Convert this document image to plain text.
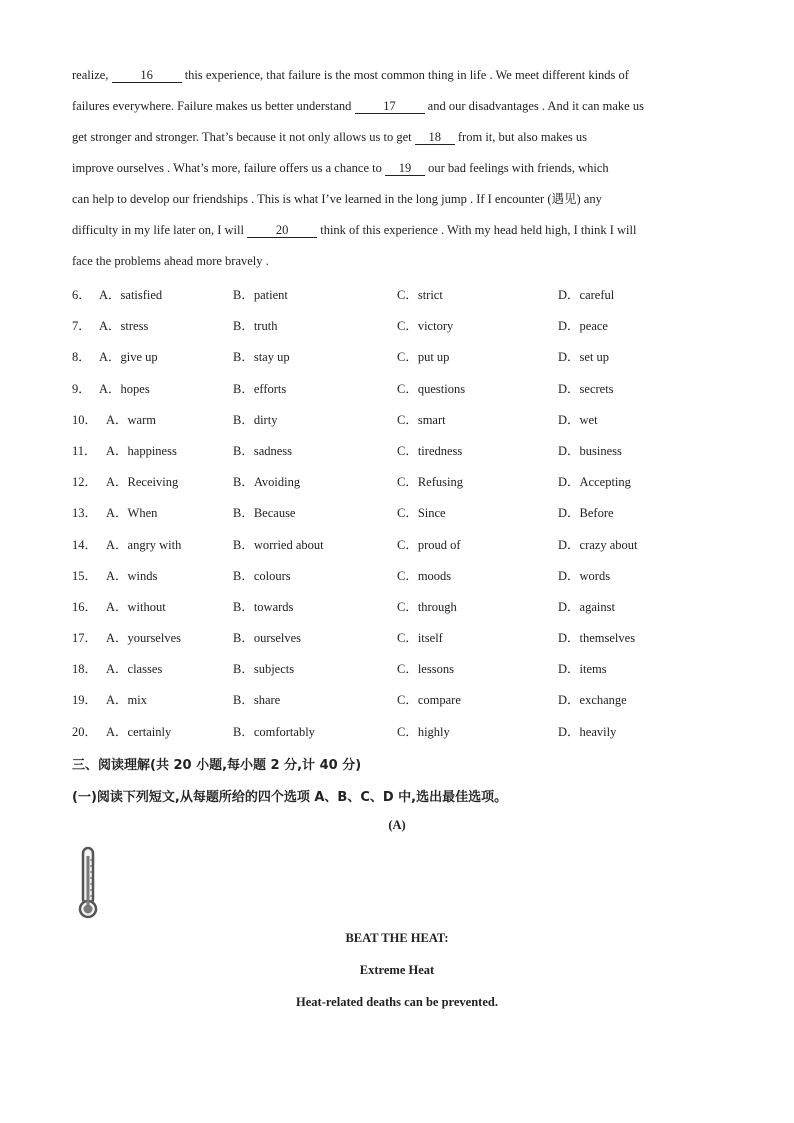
realize, 16 this experience, that failure is the most common thing in life . We meet different kinds of
failures everywhere. Failure makes us better understand 17 and our disadvantages . And it can make us
get stronger and stronger. That’s because it not only allows us to get 18 from it, but also makes us
improve ourselves . What’s more, failure offers us a chance to 19 our bad feelings with friends, which
can help to develop our friendships . This is what I’ve learned in the long jump . If I encounter (遇见) any
difficulty in my life later on, I will 20 think of this experience . With my head held high, I think I will
face the problems ahead more bravely .
6． A．satisfied	B．patient	C．strict	D．careful
7． A．stress	B．truth	C．victory	D．peace
8． A．give up	B．stay up	C．put up	D．set up
9． A．hopes	B．efforts	C．questions	D．secrets
10． A．warm	B．dirty	C．smart	D．wet
11． A．happiness	B．sadness	C．tiredness	D．business
12． A．Receiving	B．Avoiding	C．Refusing	D．Accepting
13． A．When	B．Because	C．Since	D．Before
14． A．angry with	B．worried about	C．proud of	D．crazy about
15． A．winds	B．colours	C．moods	D．words
16． A．without	B．towards	C．through	D．against
17． A．yourselves	B．ourselves	C．itself	D．themselves
18． A．classes	B．subjects	C．lessons	D．items
19． A．mix	B．share	C．compare	D．exchange
20． A．certainly	B．comfortably	C．highly	D．heavily
三、阅读理解(共 20 小题,每小题 2 分,计 40 分)
(一)阅读下列短文,从每题所给的四个选项 A、B、C、D 中,选出最佳选项。
(A)
BEAT THE HEAT:
Extreme Heat
Heat-related deaths can be prevented.
